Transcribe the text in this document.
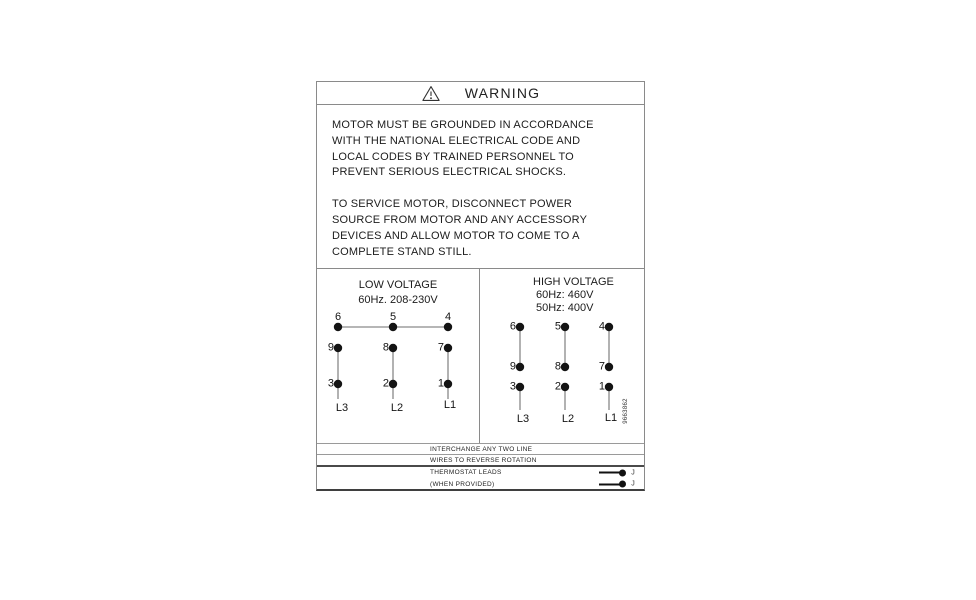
WARNING
MOTOR MUST BE GROUNDED IN ACCORDANCE
WITH THE NATIONAL ELECTRICAL CODE AND
LOCAL CODES BY TRAINED PERSONNEL TO
PREVENT SERIOUS ELECTRICAL SHOCKS.
TO SERVICE MOTOR, DISCONNECT POWER
SOURCE FROM MOTOR AND ANY ACCESSORY
DEVICES AND ALLOW MOTOR TO COME TO A
COMPLETE STAND STILL.
LOW VOLTAGE
60Hz. 208-230V
HIGH VOLTAGE
60Hz: 460V
50Hz: 400V
6	5	4
9	8	7
3	2	1
L3	L2	L1
6	5	4
9	8	7
3	2	1
L3	L2	L1 9663862
INTERCHANGE ANY TWO LINE
WIRES TO REVERSE ROTATION
THERMOSTAT LEADS	J
(WHEN PROVIDED)	J
